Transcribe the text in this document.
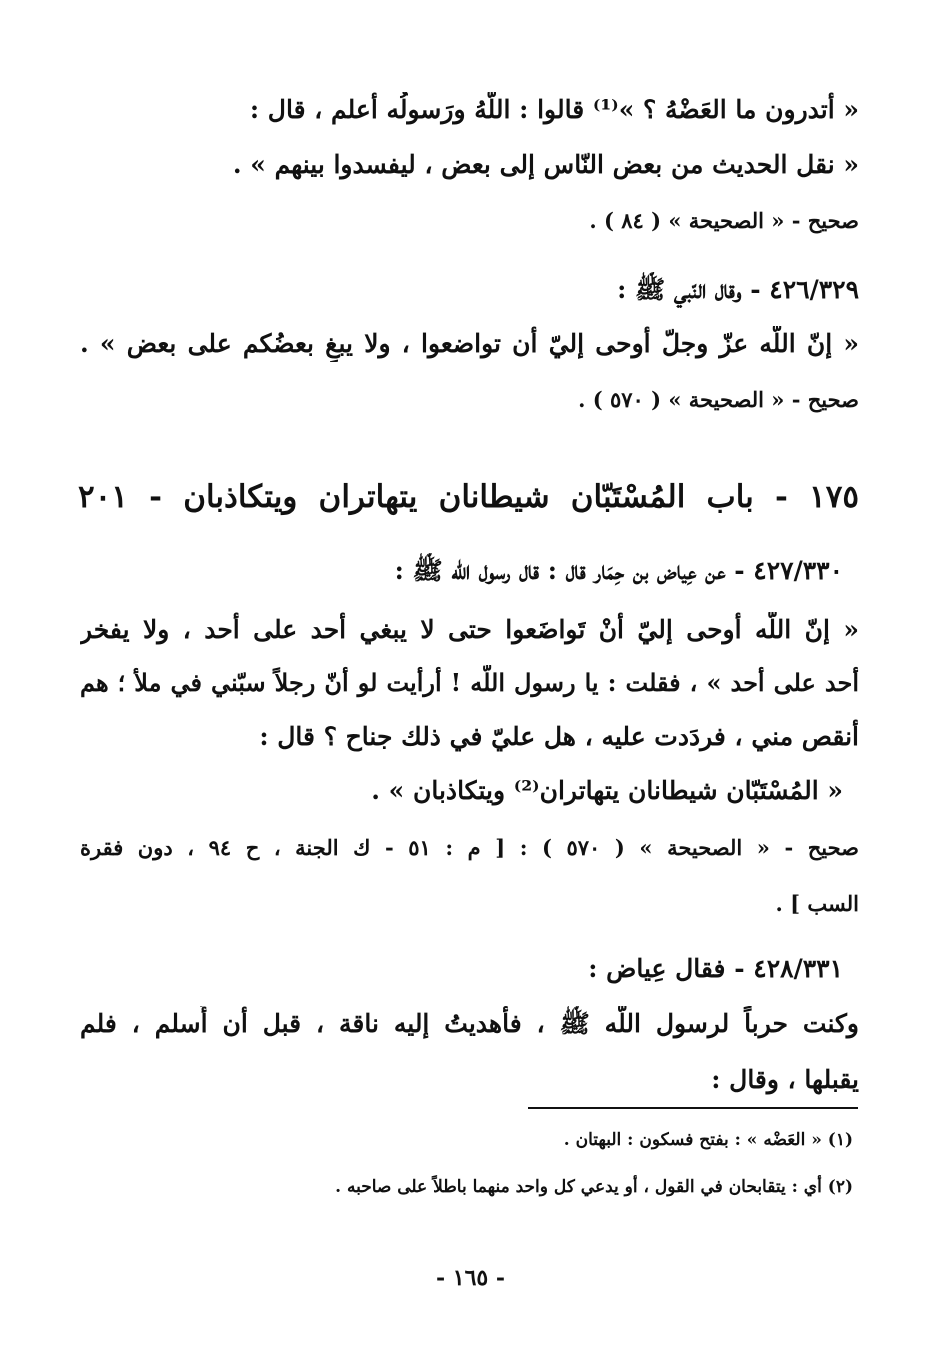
« أتدرون ما العَضْهُ ؟ »⁽¹⁾ قالوا : اللّهُ ورَسولُه أعلم ، قال :
« نقل الحديث من بعض النّاس إلى بعض ، ليفسدوا بينهم » .
صحيح - « الصحيحة » ( ٨٤ ) .
٤٢٦/٣٢٩ - وقال النّبي ﷺ :
« إنّ اللّه عزّ وجلّ أوحى إليّ أن تواضعوا ، ولا يبغِ بعضُكم على بعض » .
صحيح - « الصحيحة » ( ٥٧٠ ) .
١٧٥ - باب المُسْتَبّان شيطانان يتهاتران ويتكاذبان - ٢٠١
٤٢٧/٣٣٠ - عن عِياض بن حِمَار قال : قال رسول اللّه ﷺ :
« إنّ اللّه أوحى إليّ أنْ تَواضَعوا حتى لا يبغي أحد على أحد ، ولا يفخر
أحد على أحد » ، فقلت : يا رسول اللّه ! أرأيت لو أنّ رجلاً سبّني في ملأ ؛ هم
أنقص مني ، فردَدت عليه ، هل عليّ في ذلك جناح ؟ قال :
« المُسْتَبّان شيطانان يتهاتران⁽²⁾ ويتكاذبان » .
صحيح - « الصحيحة » ( ٥٧٠ ) : [ م : ٥١ - ك الجنة ، ح ٩٤ ، دون فقرة
السب ] .
٤٢٨/٣٣١ - فقال عِياض :
وكنت حرباً لرسول اللّه ﷺ ، فأهديتُ إليه ناقة ، قبل أن أُسلم ، فلم
يقبلها ، وقال :
(١) « العَضْه » : بفتح فسكون : البهتان .
(٢) أي : يتقابحان في القول ، أو يدعي كل واحد منهما باطلاً على صاحبه .
- ١٦٥ -
